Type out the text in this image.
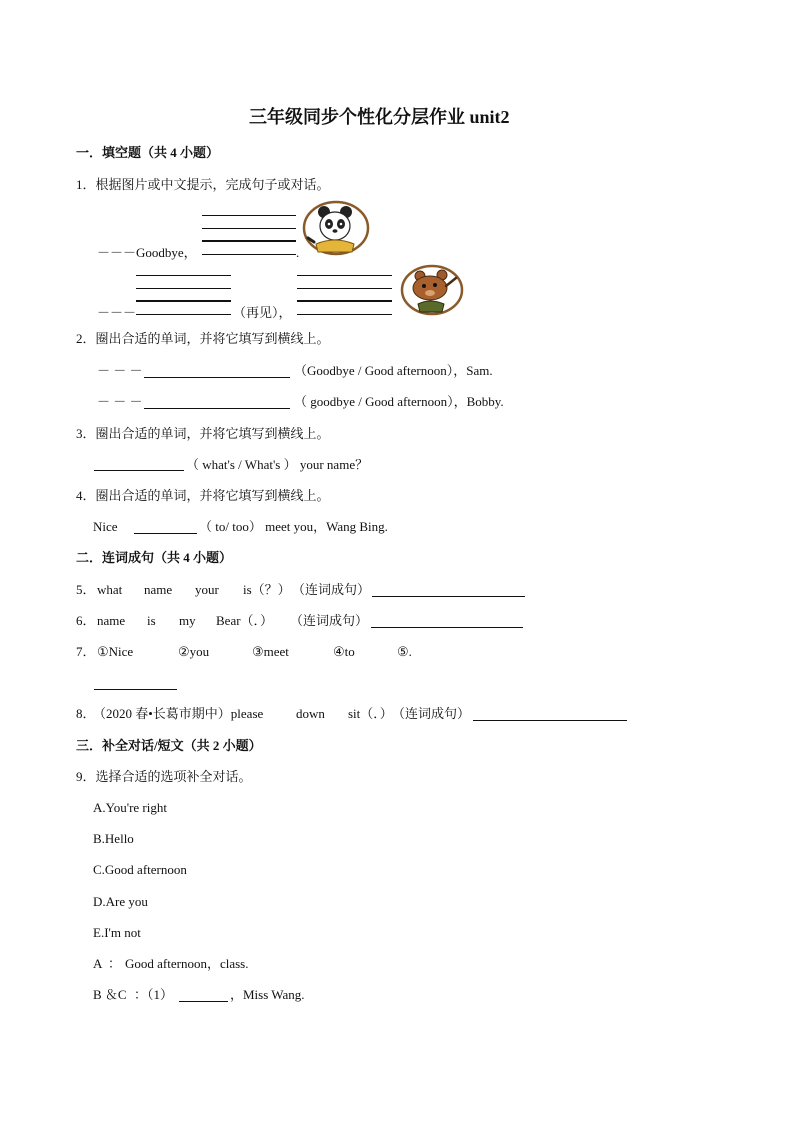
三年级同步个性化分层作业 unit2
一．填空题（共 4 小题）
1．根据图片或中文提示，完成句子或对话。
－－－Goodbye，	.
－－－	（再见），
2．圈出合适的单词，并将它填写到横线上。
－ － －	（Goodbye / Good afternoon），Sam.
－ － －	（ goodbye / Good afternoon），Bobby.
3．圈出合适的单词，并将它填写到横线上。
（ what's / What's ） your name？
4．圈出合适的单词，并将它填写到横线上。
Nice	（ to/ too） meet you，Wang Bing.
二．连词成句（共 4 小题）
5． what name your is（？） （连词成句）
6． name is my Bear（．） （连词成句）
7． ①Nice	②you	③meet	④to	⑤.
8．
（2020 春•长葛市期中）please	down sit（．） （连词成句）
三．补全对话/短文（共 2 小题）
9．选择合适的选项补全对话。
A.You're right
B.Hello
C.Good afternoon
D.Are you
E.I'm not
A ： Good afternoon，class.
B ＆C ：（1）	，Miss Wang.
